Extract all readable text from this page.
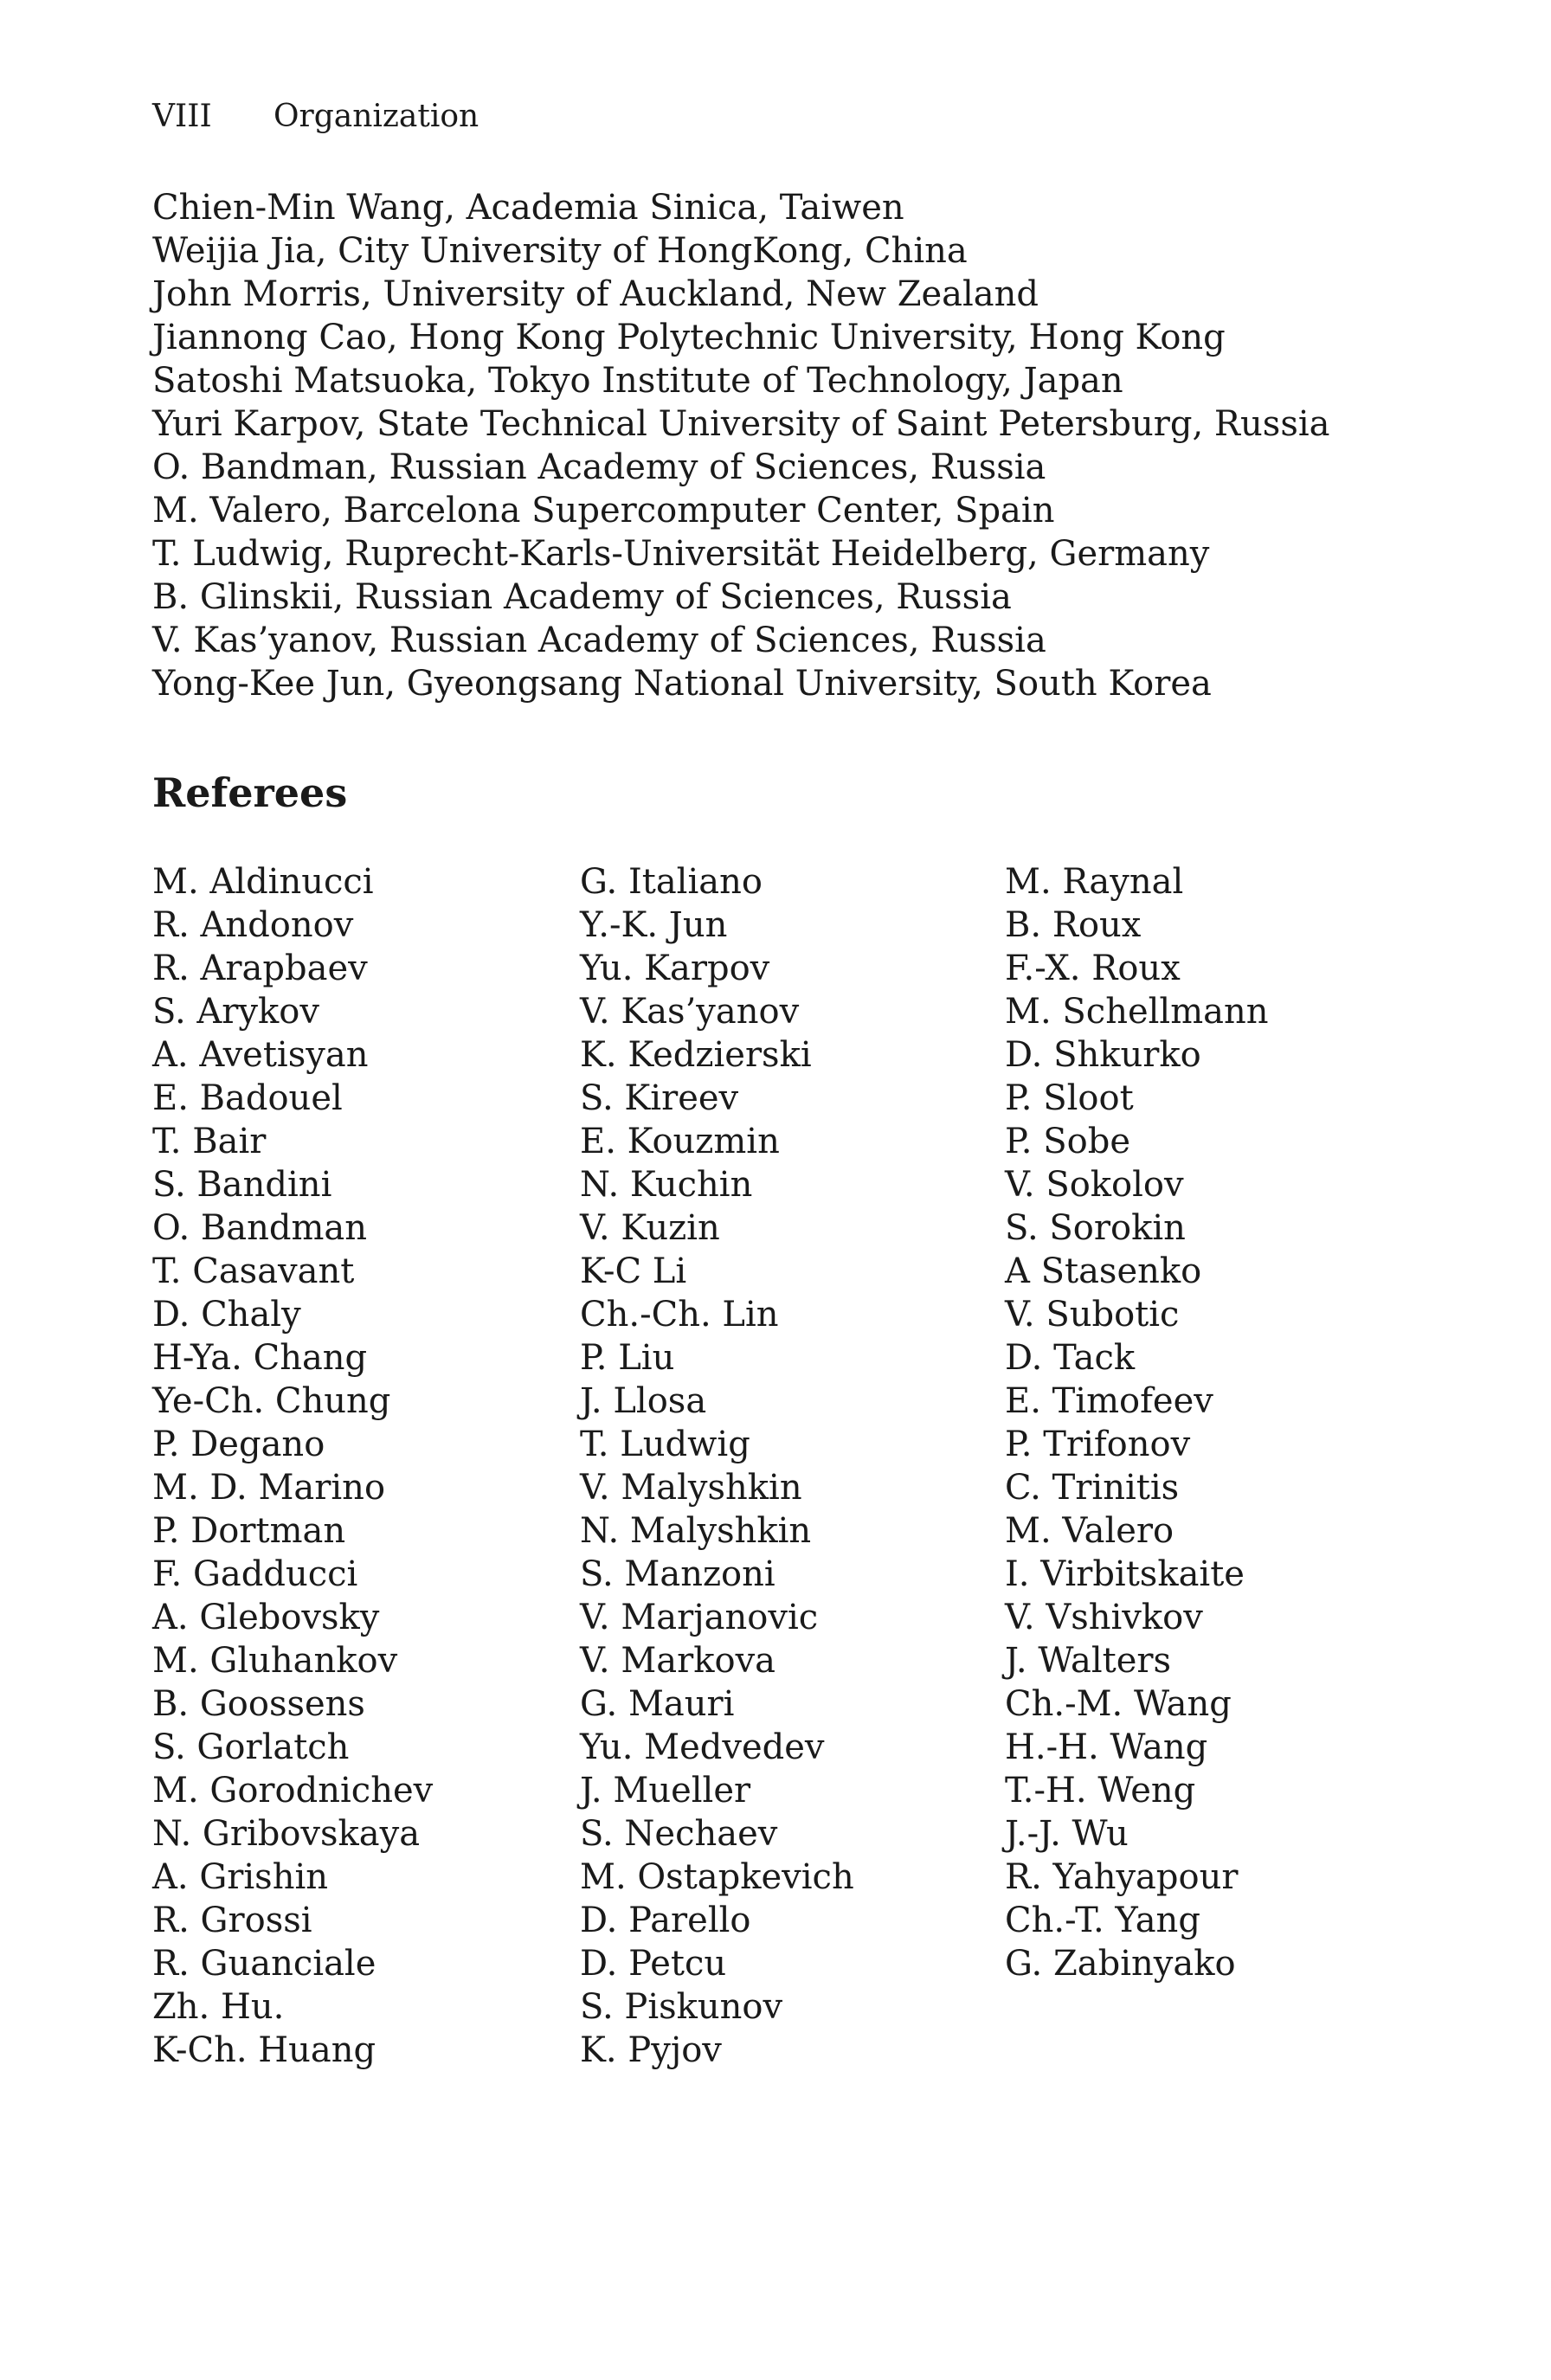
VIII	Organization
Chien-Min Wang, Academia Sinica, Taiwen
Weijia Jia, City University of HongKong, China
John Morris, University of Auckland, New Zealand
Jiannong Cao, Hong Kong Polytechnic University, Hong Kong
Satoshi Matsuoka, Tokyo Institute of Technology, Japan
Yuri Karpov, State Technical University of Saint Petersburg, Russia
O. Bandman, Russian Academy of Sciences, Russia
M. Valero, Barcelona Supercomputer Center, Spain
T. Ludwig, Ruprecht-Karls-Universität Heidelberg, Germany
B. Glinskii, Russian Academy of Sciences, Russia
V. Kas’yanov, Russian Academy of Sciences, Russia
Yong-Kee Jun, Gyeongsang National University, South Korea
Referees
M. Aldinucci
R. Andonov
R. Arapbaev
S. Arykov
A. Avetisyan
E. Badouel
T. Bair
S. Bandini
O. Bandman
T. Casavant
D. Chaly
H-Ya. Chang
Ye-Ch. Chung
P. Degano
M. D. Marino
P. Dortman
F. Gadducci
A. Glebovsky
M. Gluhankov
B. Goossens
S. Gorlatch
M. Gorodnichev
N. Gribovskaya
A. Grishin
R. Grossi
R. Guanciale
Zh. Hu.
K-Ch. Huang
G. Italiano
Y.-K. Jun
Yu. Karpov
V. Kas’yanov
K. Kedzierski
S. Kireev
E. Kouzmin
N. Kuchin
V. Kuzin
K-C Li
Ch.-Ch. Lin
P. Liu
J. Llosa
T. Ludwig
V. Malyshkin
N. Malyshkin
S. Manzoni
V. Marjanovic
V. Markova
G. Mauri
Yu. Medvedev
J. Mueller
S. Nechaev
M. Ostapkevich
D. Parello
D. Petcu
S. Piskunov
K. Pyjov
M. Raynal
B. Roux
F.-X. Roux
M. Schellmann
D. Shkurko
P. Sloot
P. Sobe
V. Sokolov
S. Sorokin
A Stasenko
V. Subotic
D. Tack
E. Timofeev
P. Trifonov
C. Trinitis
M. Valero
I. Virbitskaite
V. Vshivkov
J. Walters
Ch.-M. Wang
H.-H. Wang
T.-H. Weng
J.-J. Wu
R. Yahyapour
Ch.-T. Yang
G. Zabinyako
